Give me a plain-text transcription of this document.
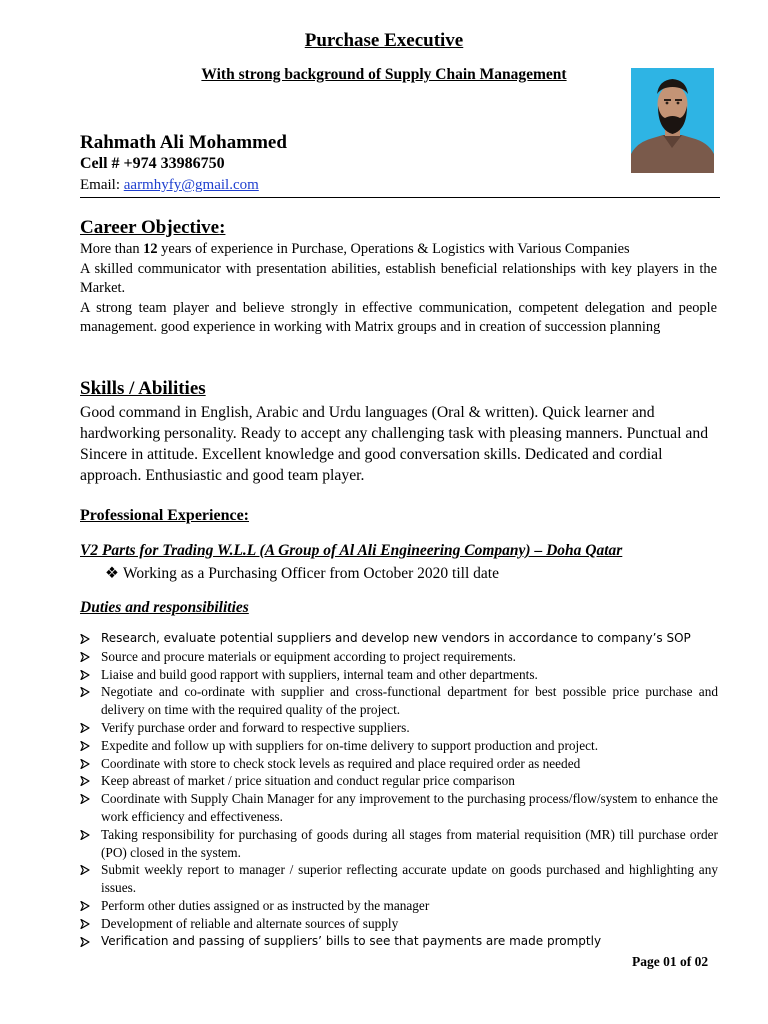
Purchase Executive
With strong background of Supply Chain Management
Rahmath Ali Mohammed
Cell # +974 33986750
Email: aarmhyfy@gmail.com
Career Objective:

More than 12 years of experience in Purchase, Operations & Logistics with Various Companies

A skilled communicator with presentation abilities, establish beneficial relationships with key players in the Market.

A strong team player and believe strongly in effective communication, competent delegation and people management. good experience in working with Matrix groups and in creation of succession planning

Skills / Abilities
Good command in English, Arabic and Urdu languages (Oral & written). Quick learner and hardworking personality. Ready to accept any challenging task with pleasing manners. Punctual and Sincere in attitude. Excellent knowledge and good conversation skills. Dedicated and cordial approach. Enthusiastic and good team player.
Professional Experience:
V2 Parts for Trading W.L.L (A Group of Al Ali Engineering Company) – Doha Qatar
❖ Working as a Purchasing Officer from October 2020 till date
Duties and responsibilities
Research, evaluate potential suppliers and develop new vendors in accordance to company’s SOP
Source and procure materials or equipment according to project requirements.
Liaise and build good rapport with suppliers, internal team and other departments.
Negotiate and co-ordinate with supplier and cross-functional department for best possible price purchase and delivery on time with the required quality of the project.
Verify purchase order and forward to respective suppliers.
Expedite and follow up with suppliers for on-time delivery to support production and project.
Coordinate with store to check stock levels as required and place required order as needed
Keep abreast of market / price situation and conduct regular price comparison
Coordinate with Supply Chain Manager for any improvement to the purchasing process/flow/system to enhance the work efficiency and effectiveness.
Taking responsibility for purchasing of goods during all stages from material requisition (MR) till purchase order (PO) closed in the system.
Submit weekly report to manager / superior reflecting accurate update on goods purchased and highlighting any issues.
Perform other duties assigned or as instructed by the manager
Development of reliable and alternate sources of supply
Verification and passing of suppliers’ bills to see that payments are made promptly
Page 01 of 02
